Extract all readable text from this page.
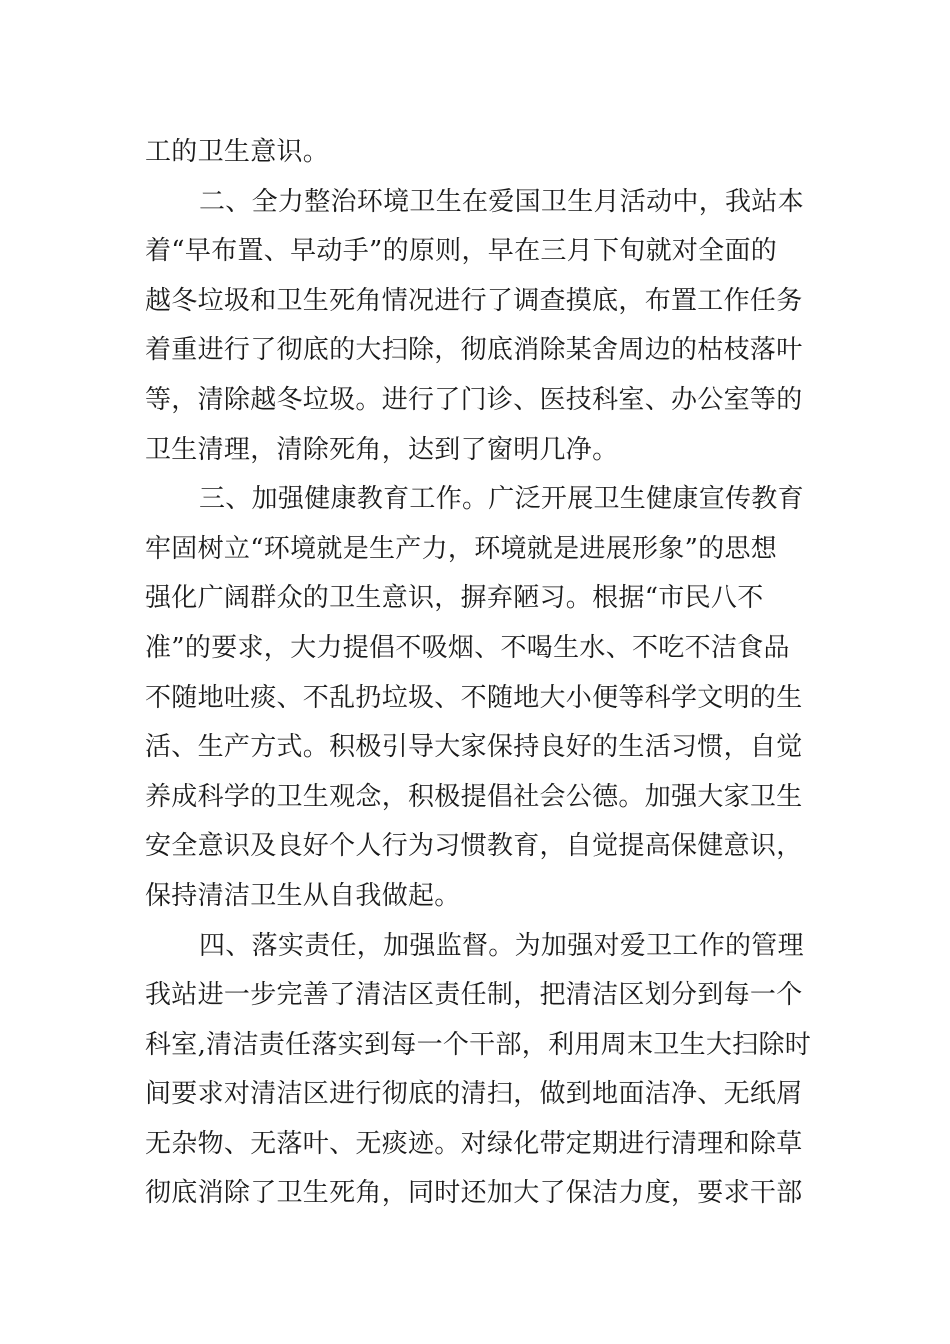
工的卫生意识。
二、全力整治环境卫生在爱国卫生月活动中，我站本
着“早布置、早动手”的原则，早在三月下旬就对全面的
越冬垃圾和卫生死角情况进行了调查摸底，布置工作任务
着重进行了彻底的大扫除，彻底消除某舍周边的枯枝落叶
等，清除越冬垃圾。进行了门诊、医技科室、办公室等的
卫生清理，清除死角，达到了窗明几净。
三、加强健康教育工作。广泛开展卫生健康宣传教育
牢固树立“环境就是生产力，环境就是进展形象”的思想
强化广阔群众的卫生意识，摒弃陋习。根据“市民八不
准”的要求，大力提倡不吸烟、不喝生水、不吃不洁食品
不随地吐痰、不乱扔垃圾、不随地大小便等科学文明的生
活、生产方式。积极引导大家保持良好的生活习惯，自觉
养成科学的卫生观念，积极提倡社会公德。加强大家卫生
安全意识及良好个人行为习惯教育，自觉提高保健意识，
保持清洁卫生从自我做起。
四、落实责任，加强监督。为加强对爱卫工作的管理
我站进一步完善了清洁区责任制，把清洁区划分到每一个
科室,清洁责任落实到每一个干部，利用周末卫生大扫除时
间要求对清洁区进行彻底的清扫，做到地面洁净、无纸屑
无杂物、无落叶、无痰迹。对绿化带定期进行清理和除草
彻底消除了卫生死角，同时还加大了保洁力度，要求干部
